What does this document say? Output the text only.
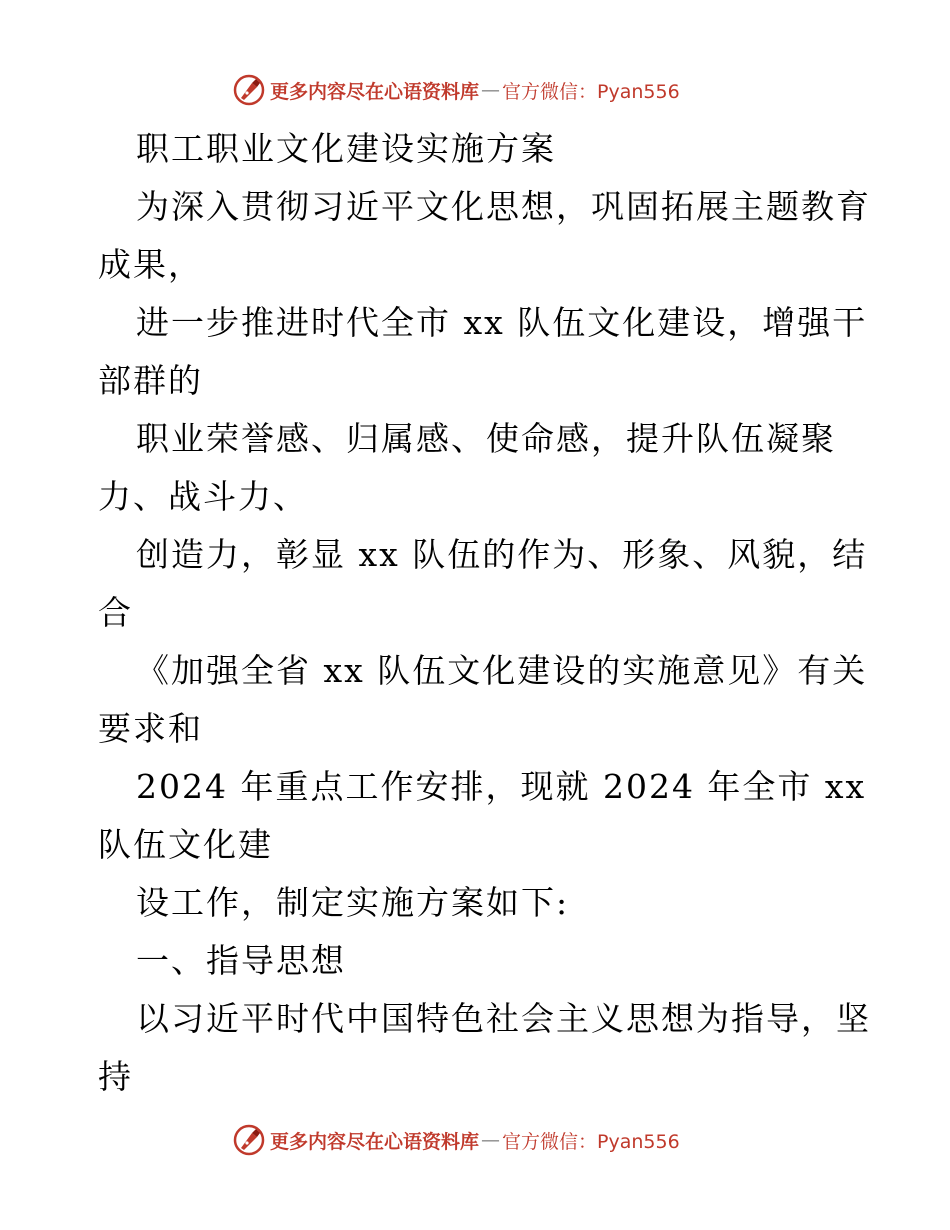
更多内容尽在心语资料库 — 官方微信：Pyan556
职工职业文化建设实施方案
为深入贯彻习近平文化思想，巩固拓展主题教育
成果，
进一步推进时代全市 xx 队伍文化建设，增强干
部群的
职业荣誉感、归属感、使命感，提升队伍凝聚
力、战斗力、
创造力，彰显 xx 队伍的作为、形象、风貌，结
合
《加强全省 xx 队伍文化建设的实施意见》有关
要求和
2024 年重点工作安排，现就 2024 年全市 xx
队伍文化建
设工作，制定实施方案如下:
一、指导思想
以习近平时代中国特色社会主义思想为指导，坚
持
更多内容尽在心语资料库 — 官方微信：Pyan556
